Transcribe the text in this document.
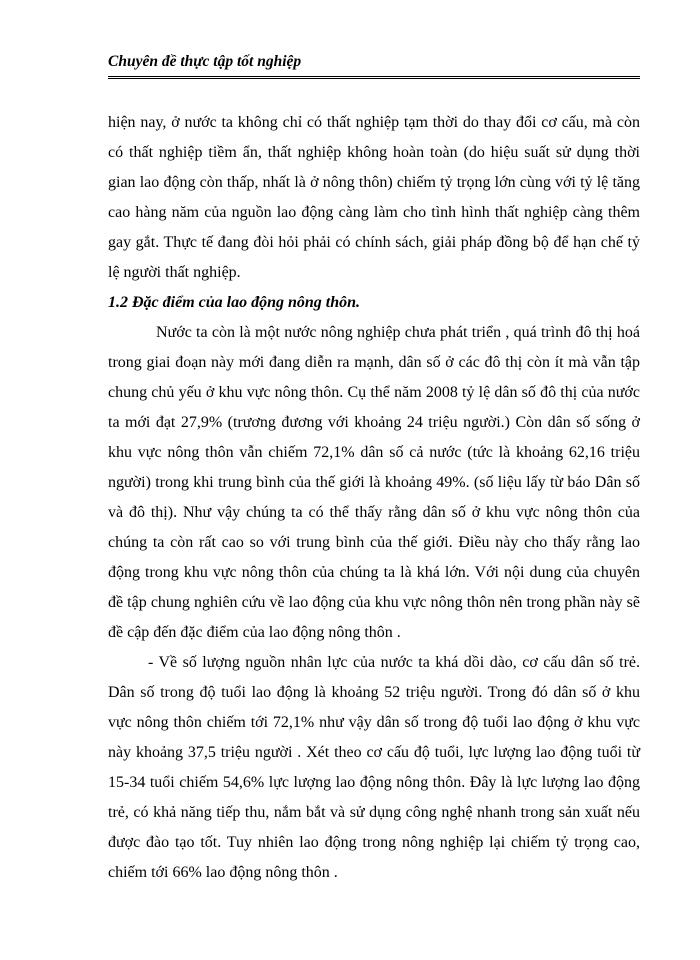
Chuyên đề thực tập tốt nghiệp

hiện nay, ở nước ta không chỉ có thất nghiệp tạm thời do thay đổi cơ cấu, mà còn có thất nghiệp tiềm ẩn, thất nghiệp không hoàn toàn (do hiệu suất sử dụng thời gian lao động còn thấp, nhất là ở nông thôn) chiếm tỷ trọng lớn cùng với tỷ lệ tăng cao hàng năm của nguồn lao động càng làm cho tình hình thất nghiệp càng thêm gay gắt. Thực tế đang đòi hỏi phải có chính sách, giải pháp đồng bộ để hạn chế tỷ lệ người thất nghiệp.

1.2 Đặc điểm của lao động nông thôn.

Nước ta còn là một nước nông nghiệp chưa phát triển , quá trình đô thị hoá trong giai đoạn này mới đang diễn ra mạnh, dân số ở các đô thị còn ít mà vẫn tập chung chủ yếu ở khu vực nông thôn. Cụ thể năm 2008 tỷ lệ dân số đô thị của nước ta mới đạt 27,9% (trương đương với khoảng 24 triệu người.) Còn dân số sống ở khu vực nông thôn vẫn chiếm 72,1% dân số cả nước (tức là khoảng 62,16 triệu người) trong khi trung bình của thế giới là khoảng 49%. (số liệu lấy từ báo Dân số và đô thị). Như vậy chúng ta có thể thấy rằng dân số ở khu vực nông thôn của chúng ta còn rất cao so với trung bình của thế giới. Điều này cho thấy rằng lao động trong khu vực nông thôn của chúng ta là khá lớn. Với nội dung của chuyên đề tập chung nghiên cứu về lao động của khu vực nông thôn nên trong phần này sẽ đề cập đến đặc điểm của lao động nông thôn .

- Về số lượng nguồn nhân lực của nước ta khá dồi dào, cơ cấu dân số trẻ. Dân số trong độ tuổi lao động là khoảng 52 triệu người. Trong đó dân số ở khu vực nông thôn chiếm tới 72,1% như vậy dân số trong độ tuổi lao động ở khu vực này khoảng 37,5 triệu người . Xét theo cơ cấu độ tuổi, lực lượng lao động tuổi từ 15-34 tuổi chiếm 54,6% lực lượng lao động nông thôn. Đây là lực lượng lao động trẻ, có khả năng tiếp thu, nắm bắt và sử dụng công nghệ nhanh trong sản xuất nếu được đào tạo tốt. Tuy nhiên lao động trong nông nghiệp lại chiếm tỷ trọng cao, chiếm tới 66% lao động nông thôn .
